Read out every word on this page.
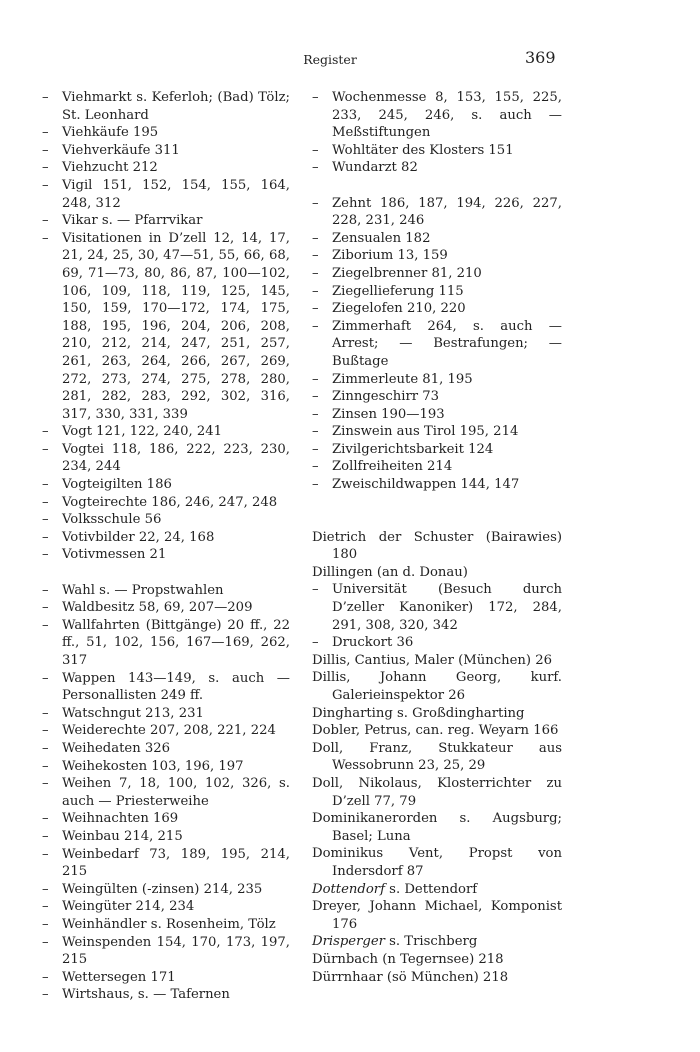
Register	369
– Viehmarkt s. Keferloh; (Bad) Tölz; St. Leonhard
– Viehkäufe 195
– Viehverkäufe 311
– Viehzucht 212
– Vigil 151, 152, 154, 155, 164, 248, 312
– Vikar s. — Pfarrvikar
– Visitationen in D’zell 12, 14, 17, 21, 24, 25, 30, 47—51, 55, 66, 68, 69, 71—73, 80, 86, 87, 100—102, 106, 109, 118, 119, 125, 145, 150, 159, 170—172, 174, 175, 188, 195, 196, 204, 206, 208, 210, 212, 214, 247, 251, 257, 261, 263, 264, 266, 267, 269, 272, 273, 274, 275, 278, 280, 281, 282, 283, 292, 302, 316, 317, 330, 331, 339
– Vogt 121, 122, 240, 241
– Vogtei 118, 186, 222, 223, 230, 234, 244
– Vogteigilten 186
– Vogteirechte 186, 246, 247, 248
– Volksschule 56
– Votivbilder 22, 24, 168
– Votivmessen 21
– Wahl s. — Propstwahlen
– Waldbesitz 58, 69, 207—209
– Wallfahrten (Bittgänge) 20 ff., 22 ff., 51, 102, 156, 167—169, 262, 317
– Wappen 143—149, s. auch — Personallisten 249 ff.
– Watschngut 213, 231
– Weiderechte 207, 208, 221, 224
– Weihedaten 326
– Weihekosten 103, 196, 197
– Weihen 7, 18, 100, 102, 326, s. auch — Priesterweihe
– Weihnachten 169
– Weinbau 214, 215
– Weinbedarf 73, 189, 195, 214, 215
– Weingülten (-zinsen) 214, 235
– Weingüter 214, 234
– Weinhändler s. Rosenheim, Tölz
– Weinspenden 154, 170, 173, 197, 215
– Wettersegen 171
– Wirtshaus, s. — Tafernen
– Wochenmesse 8, 153, 155, 225, 233, 245, 246, s. auch — Meßstiftungen
– Wohltäter des Klosters 151
– Wundarzt 82
– Zehnt 186, 187, 194, 226, 227, 228, 231, 246
– Zensualen 182
– Ziborium 13, 159
– Ziegelbrenner 81, 210
– Ziegellieferung 115
– Ziegelofen 210, 220
– Zimmerhaft 264, s. auch — Arrest; — Bestrafungen; — Bußtage
– Zimmerleute 81, 195
– Zinngeschirr 73
– Zinsen 190—193
– Zinswein aus Tirol 195, 214
– Zivilgerichtsbarkeit 124
– Zollfreiheiten 214
– Zweischildwappen 144, 147
Dietrich der Schuster (Bairawies) 180
Dillingen (an d. Donau)
– Universität (Besuch durch D’zeller Kanoniker) 172, 284, 291, 308, 320, 342
– Druckort 36
Dillis, Cantius, Maler (München) 26
Dillis, Johann Georg, kurf. Galerieinspektor 26
Dingharting s. Großdingharting
Dobler, Petrus, can. reg. Weyarn 166
Doll, Franz, Stukkateur aus Wessobrunn 23, 25, 29
Doll, Nikolaus, Klosterrichter zu D’zell 77, 79
Dominikanerorden s. Augsburg; Basel; Luna
Dominikus Vent, Propst von Indersdorf 87
Dottendorf s. Dettendorf
Dreyer, Johann Michael, Komponist 176
Drisperger s. Trischberg
Dürnbach (n Tegernsee) 218
Dürrnhaar (sö München) 218
